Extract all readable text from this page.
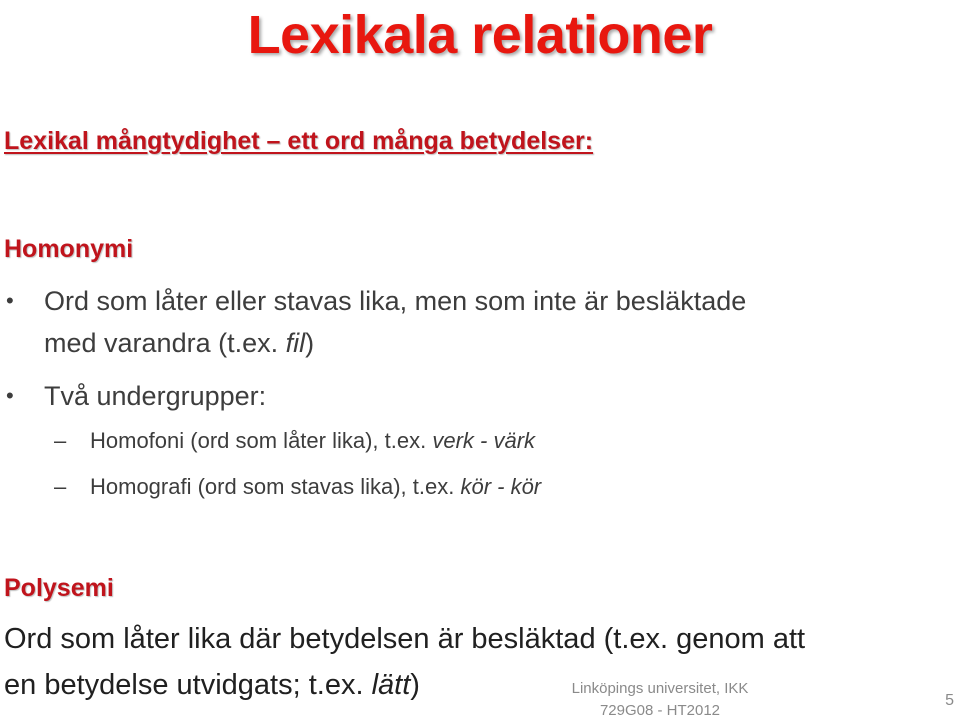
Lexikala relationer
Lexikal mångtydighet – ett ord många betydelser:
Homonymi
• Ord som låter eller stavas lika, men som inte är besläktade
med varandra (t.ex. fil)
• Två undergrupper:
– Homofoni (ord som låter lika), t.ex. verk - värk
– Homografi (ord som stavas lika), t.ex. kör - kör
Polysemi
Ord som låter lika där betydelsen är besläktad (t.ex. genom att
en betydelse utvidgats; t.ex. lätt)	Linköpings universitet, IKK
729G08 - HT2012
5
